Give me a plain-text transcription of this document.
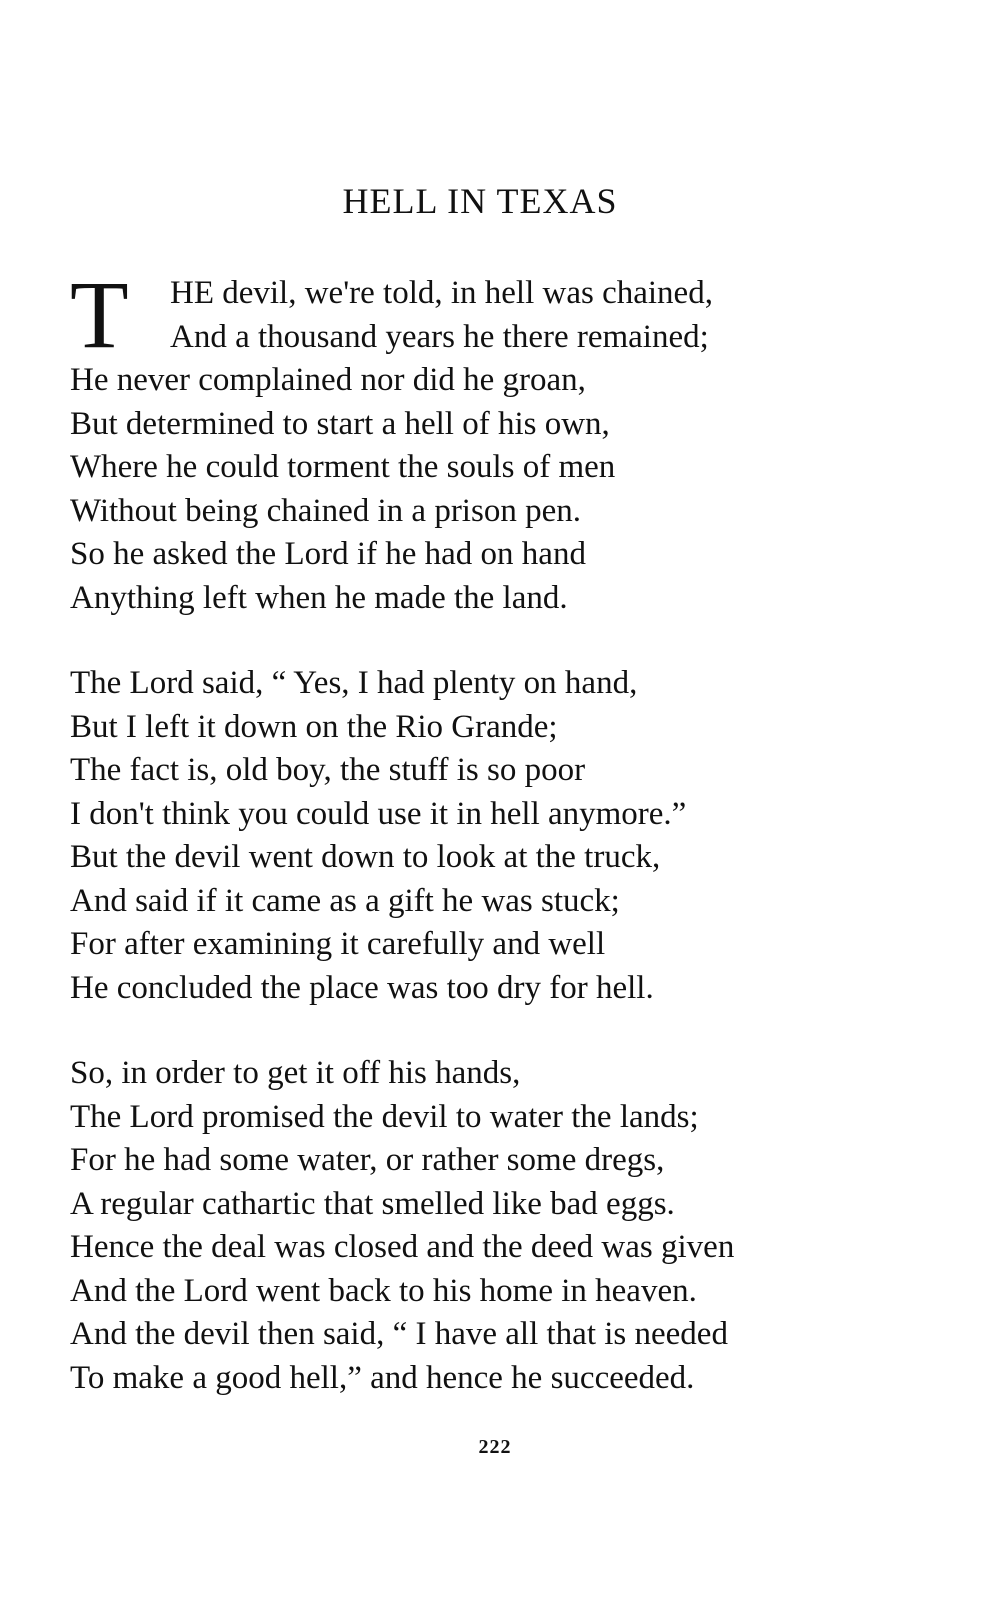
HELL IN TEXAS
T	HE devil, we're told, in hell was chained,
And a thousand years he there remained;
He never complained nor did he groan,
But determined to start a hell of his own,
Where he could torment the souls of men
Without being chained in a prison pen.
So he asked the Lord if he had on hand
Anything left when he made the land.
The Lord said, “ Yes, I had plenty on hand,
But I left it down on the Rio Grande;
The fact is, old boy, the stuff is so poor
I don't think you could use it in hell anymore.”
But the devil went down to look at the truck,
And said if it came as a gift he was stuck;
For after examining it carefully and well
He concluded the place was too dry for hell.
So, in order to get it off his hands,
The Lord promised the devil to water the lands;
For he had some water, or rather some dregs,
A regular cathartic that smelled like bad eggs.
Hence the deal was closed and the deed was given
And the Lord went back to his home in heaven.
And the devil then said, “ I have all that is needed
To make a good hell,” and hence he succeeded.
222
